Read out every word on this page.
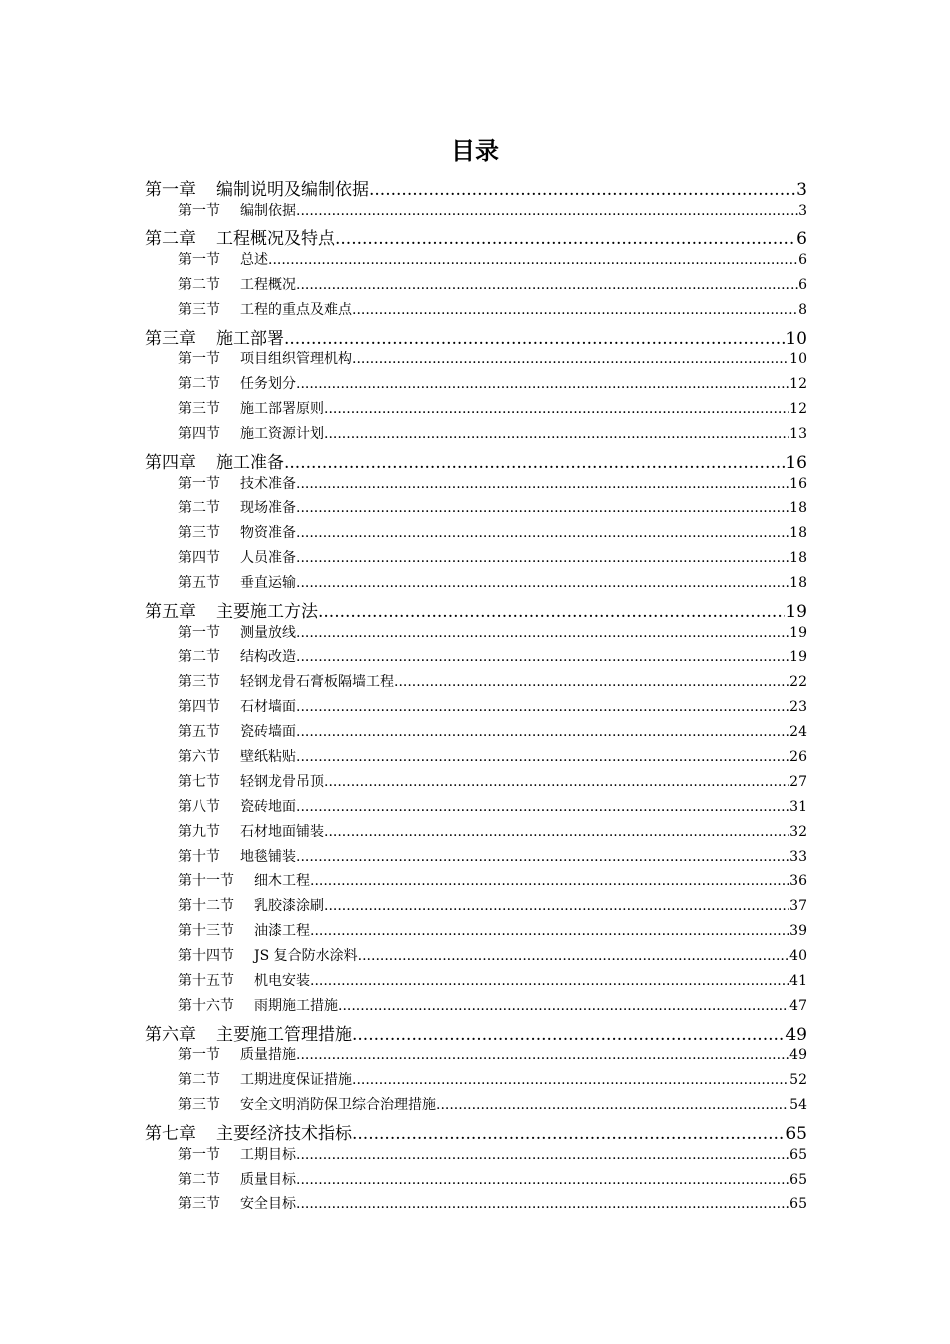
目录
第一章 编制说明及编制依据 .....	3
第一节 编制依据 .....	3
第二章 工程概况及特点 .....	6
第一节 总述 .....	6
第二节 工程概况 .....	6
第三节 工程的重点及难点 .....	8
第三章 施工部署 .....	10
第一节 项目组织管理机构 .....	10
第二节 任务划分 .....	12
第三节 施工部署原则 .....	12
第四节 施工资源计划 .....	13
第四章 施工准备 .....	16
第一节 技术准备 .....	16
第二节 现场准备 .....	18
第三节 物资准备 .....	18
第四节 人员准备 .....	18
第五节 垂直运输 .....	18
第五章 主要施工方法 .....	19
第一节 测量放线 .....	19
第二节 结构改造 .....	19
第三节 轻钢龙骨石膏板隔墙工程 .....	22
第四节 石材墙面 .....	23
第五节 瓷砖墙面 .....	24
第六节 壁纸粘贴 .....	26
第七节 轻钢龙骨吊顶 .....	27
第八节 瓷砖地面 .....	31
第九节 石材地面铺装 .....	32
第十节 地毯铺装 .....	33
第十一节 细木工程 .....	36
第十二节 乳胶漆涂刷 .....	37
第十三节 油漆工程 .....	39
第十四节 JS 复合防水涂料 .....	40
第十五节 机电安装 .....	41
第十六节 雨期施工措施 .....	47
第六章 主要施工管理措施 .....	49
第一节 质量措施 .....	49
第二节 工期进度保证措施 .....	52
第三节 安全文明消防保卫综合治理措施 .....	54
第七章 主要经济技术指标 .....	65
第一节 工期目标 .....	65
第二节 质量目标 .....	65
第三节 安全目标 .....	65
